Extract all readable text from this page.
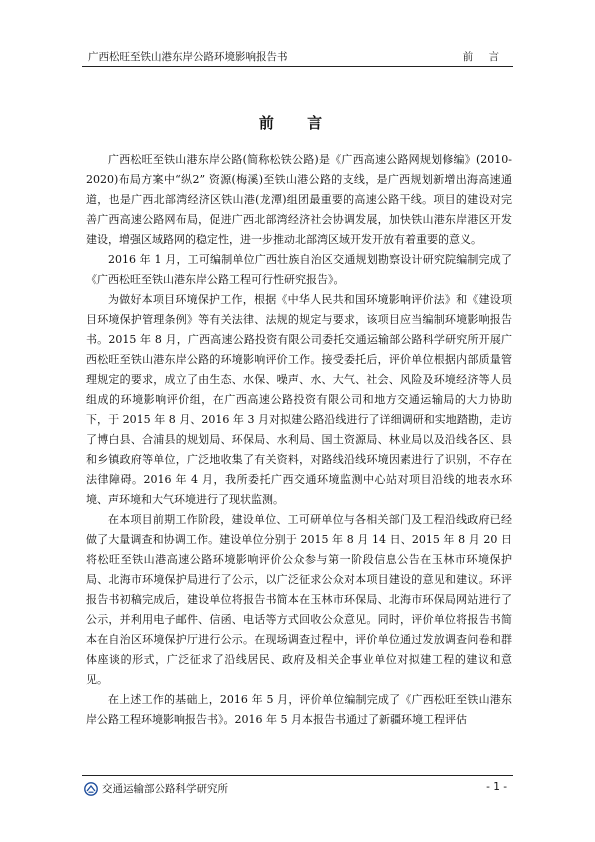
广西松旺至铁山港东岸公路环境影响报告书	前 言
前 言

广西松旺至铁山港东岸公路(简称松铁公路)是《广西高速公路网规划修编》(2010-2020)布局方案中“纵2” 资源(梅溪)至铁山港公路的支线，是广西规划新增出海高速通道，也是广西北部湾经济区铁山港(龙潭)组团最重要的高速公路干线。项目的建设对完善广西高速公路网布局，促进广西北部湾经济社会协调发展，加快铁山港东岸港区开发建设，增强区域路网的稳定性，进一步推动北部湾区域开发开放有着重要的意义。

2016 年 1 月，工可编制单位广西壮族自治区交通规划勘察设计研究院编制完成了《广西松旺至铁山港东岸公路工程可行性研究报告》。

为做好本项目环境保护工作，根据《中华人民共和国环境影响评价法》和《建设项目环境保护管理条例》等有关法律、法规的规定与要求，该项目应当编制环境影响报告书。2015 年 8 月，广西高速公路投资有限公司委托交通运输部公路科学研究所开展广西松旺至铁山港东岸公路的环境影响评价工作。接受委托后，评价单位根据内部质量管理规定的要求，成立了由生态、水保、噪声、水、大气、社会、风险及环境经济等人员组成的环境影响评价组，在广西高速公路投资有限公司和地方交通运输局的大力协助下，于 2015 年 8 月、2016 年 3 月对拟建公路沿线进行了详细调研和实地踏勘，走访了博白县、合浦县的规划局、环保局、水利局、国土资源局、林业局以及沿线各区、县和乡镇政府等单位，广泛地收集了有关资料，对路线沿线环境因素进行了识别，不存在法律障碍。2016 年 4 月，我所委托广西交通环境监测中心站对项目沿线的地表水环境、声环境和大气环境进行了现状监测。

在本项目前期工作阶段，建设单位、工可研单位与各相关部门及工程沿线政府已经做了大量调查和协调工作。建设单位分别于 2015 年 8 月 14 日、2015 年 8 月 20 日将松旺至铁山港高速公路环境影响评价公众参与第一阶段信息公告在玉林市环境保护局、北海市环境保护局进行了公示，以广泛征求公众对本项目建设的意见和建议。环评报告书初稿完成后，建设单位将报告书简本在玉林市环保局、北海市环保局网站进行了公示，并利用电子邮件、信函、电话等方式回收公众意见。同时，评价单位将报告书简本在自治区环境保护厅进行公示。在现场调查过程中，评价单位通过发放调查问卷和群体座谈的形式，广泛征求了沿线居民、政府及相关企事业单位对拟建工程的建议和意见。

在上述工作的基础上，2016 年 5 月，评价单位编制完成了《广西松旺至铁山港东岸公路工程环境影响报告书》。2016 年 5 月本报告书通过了新疆环境工程评估

交通运输部公路科学研究所	- 1 -
